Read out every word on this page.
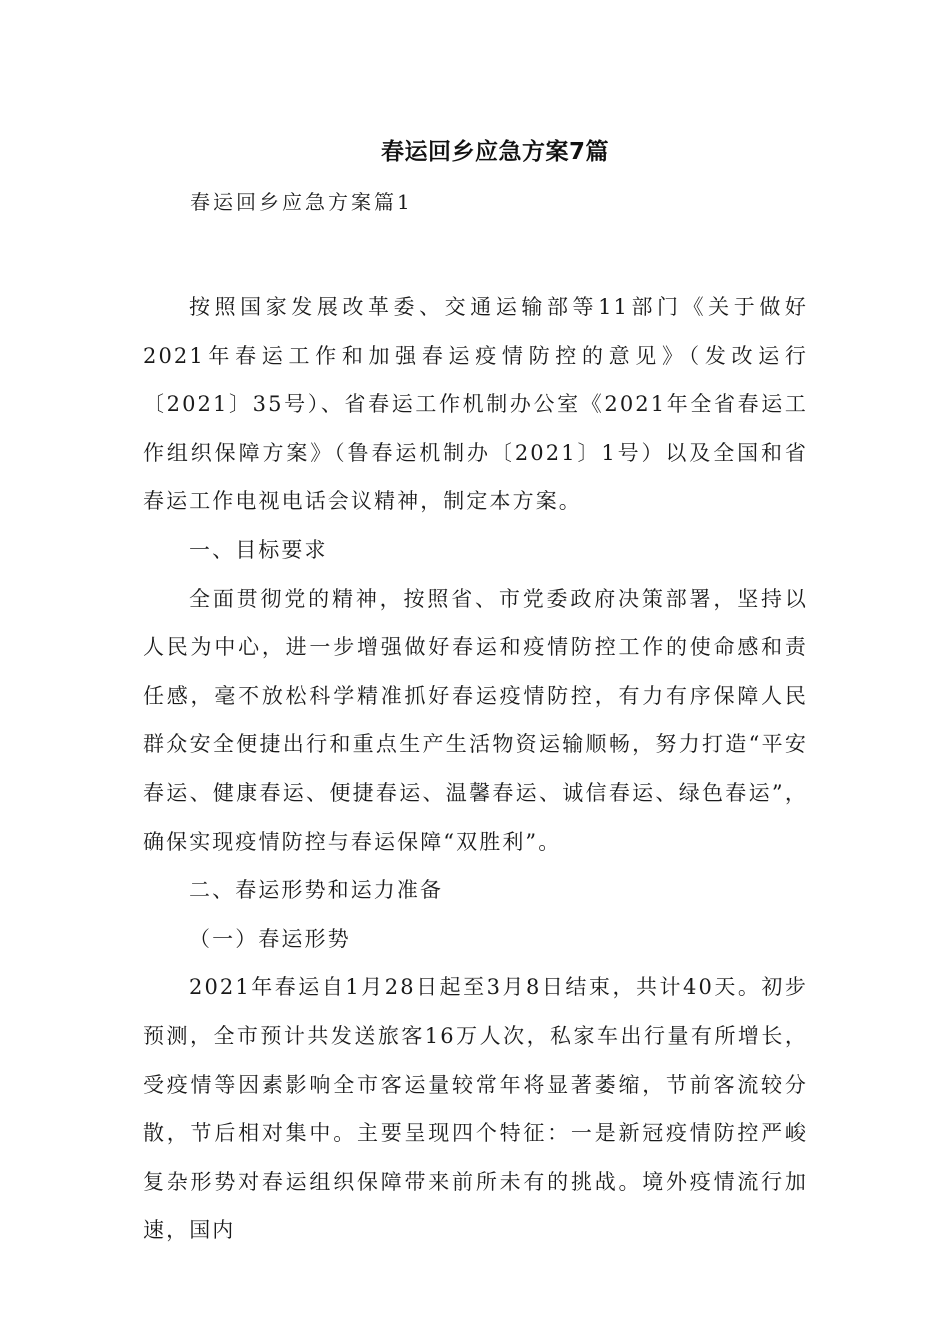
春运回乡应急方案7篇
春运回乡应急方案篇1

按照国家发展改革委、交通运输部等11部门《关于做好2021年春运工作和加强春运疫情防控的意见》（发改运行〔2021〕35号）、省春运工作机制办公室《2021年全省春运工作组织保障方案》（鲁春运机制办〔2021〕1号）以及全国和省春运工作电视电话会议精神，制定本方案。

一、目标要求

全面贯彻党的精神，按照省、市党委政府决策部署，坚持以人民为中心，进一步增强做好春运和疫情防控工作的使命感和责任感，毫不放松科学精准抓好春运疫情防控，有力有序保障人民群众安全便捷出行和重点生产生活物资运输顺畅，努力打造“平安春运、健康春运、便捷春运、温馨春运、诚信春运、绿色春运”，确保实现疫情防控与春运保障“双胜利”。

二、春运形势和运力准备

（一）春运形势

2021年春运自1月28日起至3月8日结束，共计40天。初步预测，全市预计共发送旅客16万人次，私家车出行量有所增长，受疫情等因素影响全市客运量较常年将显著萎缩，节前客流较分散，节后相对集中。主要呈现四个特征：一是新冠疫情防控严峻复杂形势对春运组织保障带来前所未有的挑战。境外疫情流行加速，国内
